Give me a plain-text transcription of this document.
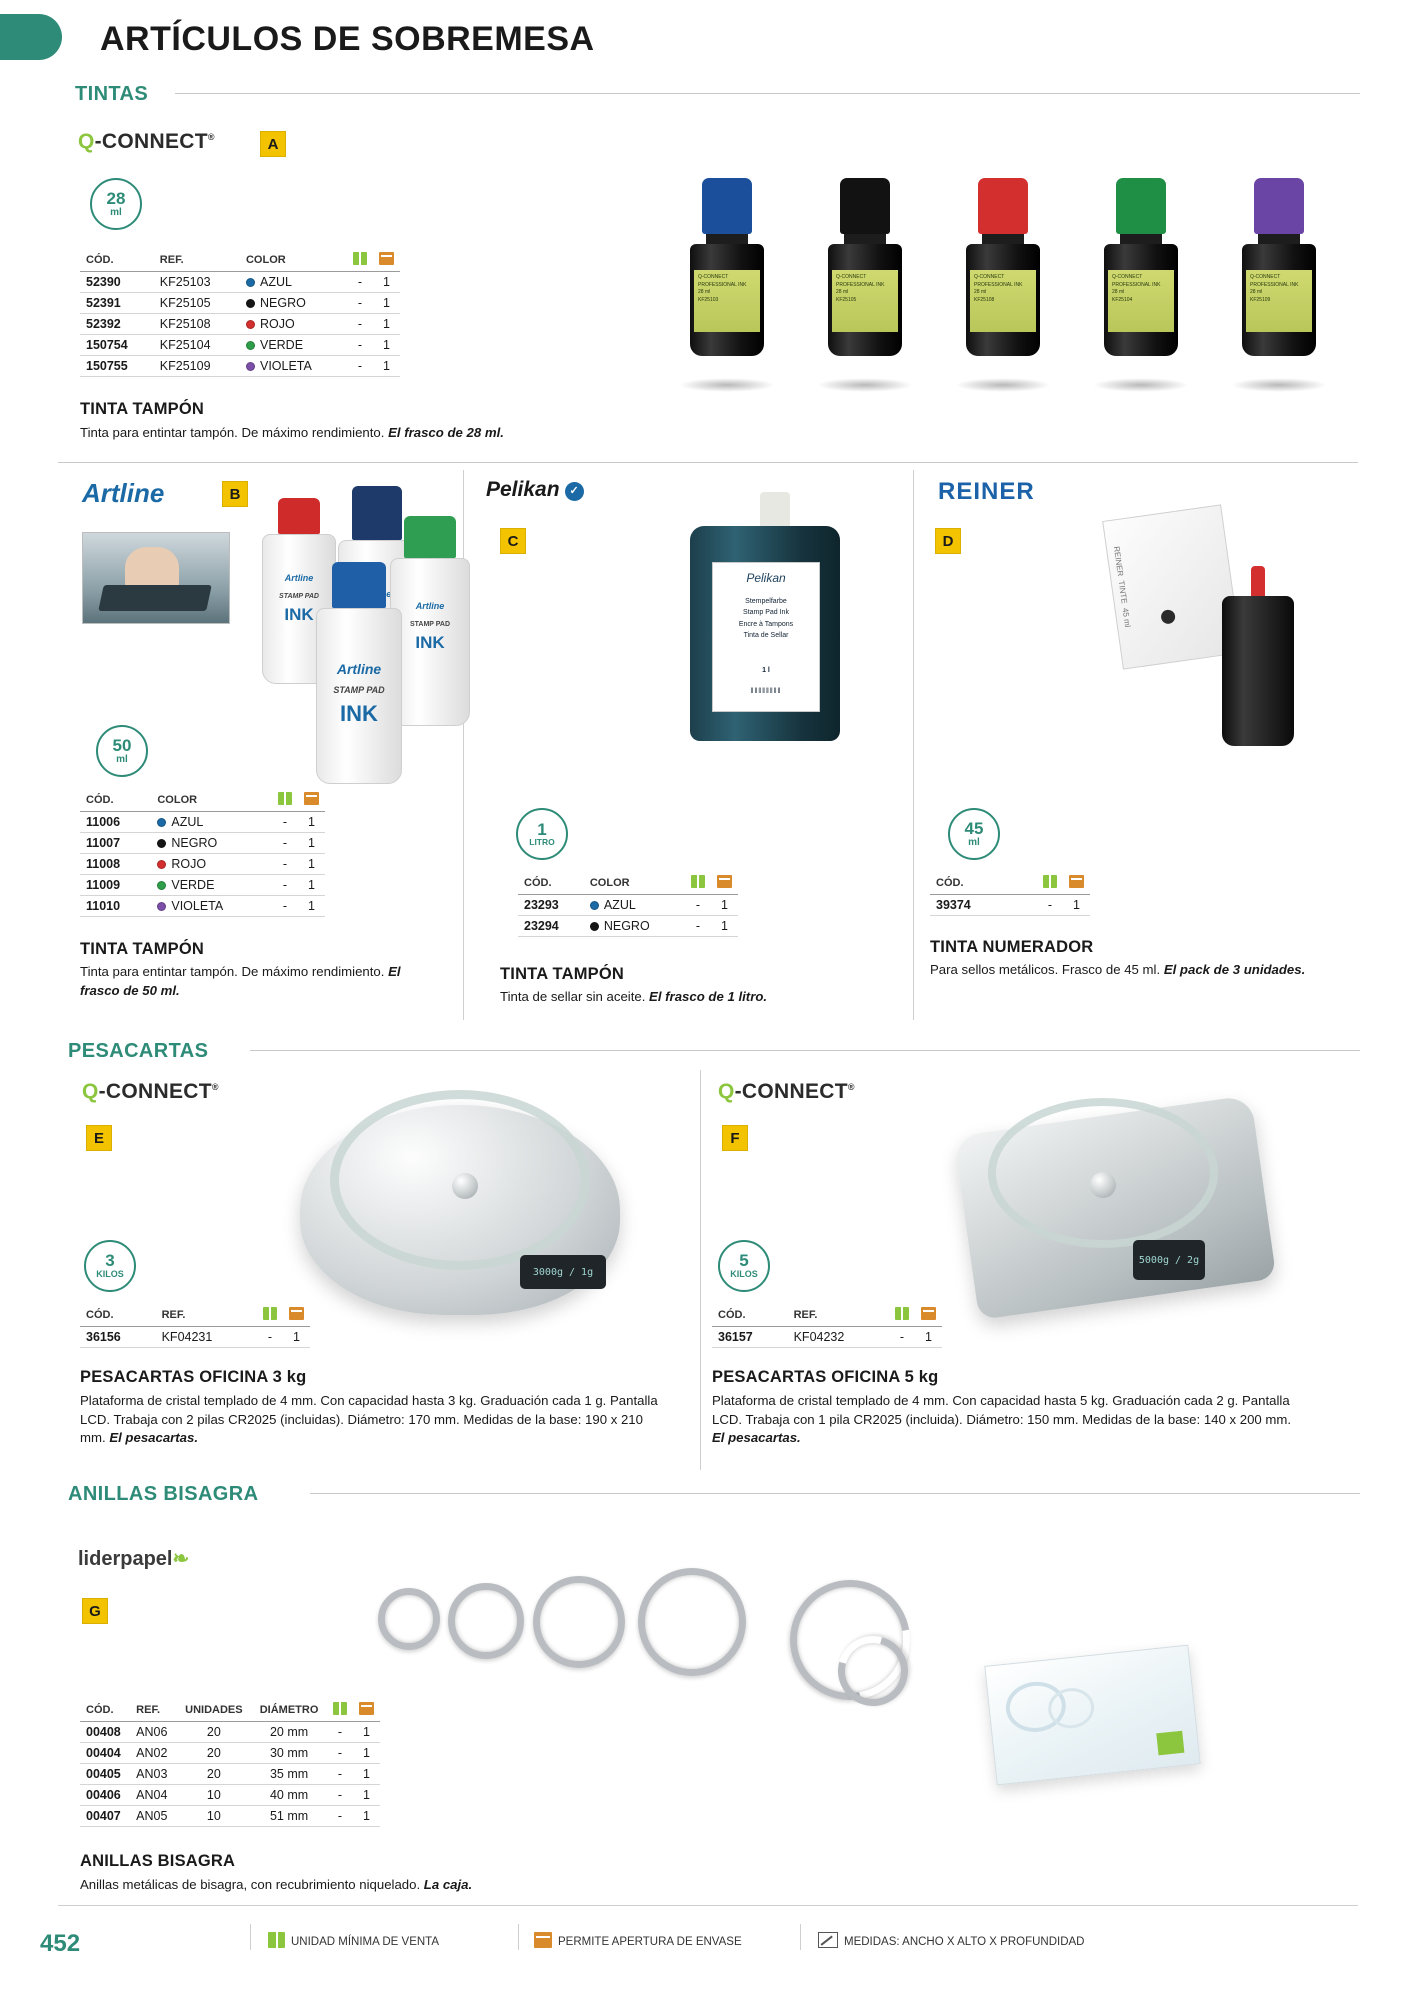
ARTÍCULOS DE SOBREMESA
TINTAS
Q-CONNECT®	A
28
ml
CÓD.	REF.	COLOR		
52390	KF25103	AZUL	-	1
52391	KF25105	NEGRO	-	1
52392	KF25108	ROJO	-	1
150754	KF25104	VERDE	-	1
150755	KF25109	VIOLETA	-	1
TINTA TAMPÓN
Tinta para entintar tampón. De máximo rendimiento. El frasco de 28 ml.
Q-CONNECT
PROFESSIONAL INK
28 ml
KF25103
Q-CONNECT
PROFESSIONAL INK
28 ml
KF25105
Q-CONNECT
PROFESSIONAL INK
28 ml
KF25108
Q-CONNECT
PROFESSIONAL INK
28 ml
KF25104
Q-CONNECT
PROFESSIONAL INK
28 ml
KF25109
Artline	B
Artline
STAMP PAD
INK	Artline
STAMP PAD
INK
Artline
STAMP PAD
INK
50
ml
CÓD.	COLOR		
11006	AZUL	-	1
11007	NEGRO	-	1
11008	ROJO	-	1
11009	VERDE	-	1
11010	VIOLETA	-	1
TINTA TAMPÓN
Tinta para entintar tampón. De máximo rendimiento. El frasco de 50 ml.
Pelikan ✓
C
Pelikan
Stempelfarbe
Stamp Pad Ink
Encre à Tampons
Tinta de Sellar
1 l
‖‖‖‖‖‖‖‖
1
LITRO
CÓD.	COLOR		
23293	AZUL	-	1
23294	NEGRO	-	1
TINTA TAMPÓN
Tinta de sellar sin aceite. El frasco de 1 litro.
REINER
D
REINER  TINTE  45 ml
45
ml
CÓD.		
39374	-	1
TINTA NUMERADOR
Para sellos metálicos. Frasco de 45 ml. El pack de 3 unidades.
PESACARTAS
Q-CONNECT®
E
3000g / 1g
3
KILOS
CÓD.	REF.		
36156	KF04231	-	1
PESACARTAS OFICINA 3 kg
Plataforma de cristal templado de 4 mm. Con capacidad hasta 3 kg. Graduación cada 1 g. Pantalla LCD. Trabaja con 2 pilas CR2025 (incluidas). Diámetro: 170 mm. Medidas de la base: 190 x 210 mm. El pesacartas.
Q-CONNECT®
F
5000g / 2g
5
KILOS
CÓD.	REF.		
36157	KF04232	-	1
PESACARTAS OFICINA 5 kg
Plataforma de cristal templado de 4 mm. Con capacidad hasta 5 kg. Graduación cada 2 g. Pantalla LCD. Trabaja con 1 pila CR2025 (incluida). Diámetro: 150 mm. Medidas de la base: 140 x 200 mm. El pesacartas.
ANILLAS BISAGRA
liderpapel❧
G
CÓD.	REF.	UNIDADES	DIÁMETRO		
00408	AN06	20	20 mm	-	1
00404	AN02	20	30 mm	-	1
00405	AN03	20	35 mm	-	1
00406	AN04	10	40 mm	-	1
00407	AN05	10	51 mm	-	1
ANILLAS BISAGRA
Anillas metálicas de bisagra, con recubrimiento niquelado. La caja.
452	UNIDAD MÍNIMA DE VENTA	PERMITE APERTURA DE ENVASE	MEDIDAS: ANCHO X ALTO X PROFUNDIDAD
